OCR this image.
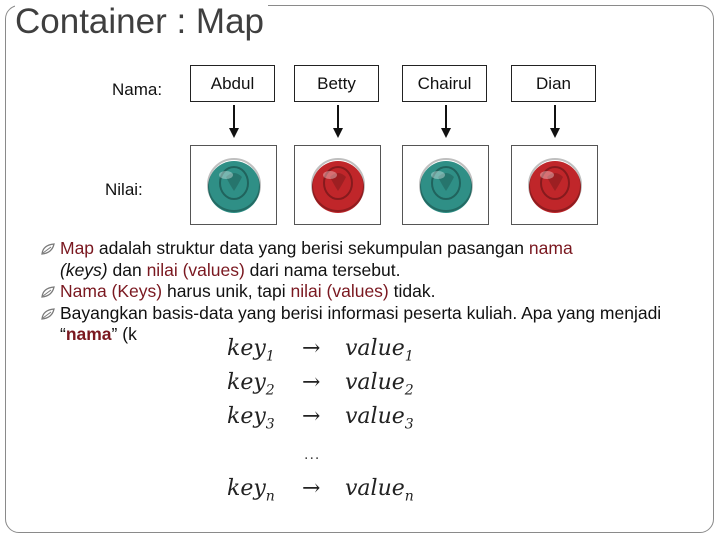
Container : Map
Nama:
Nilai:
Abdul	Betty	Chairul	Dian
Map adalah struktur data yang berisi sekumpulan pasangan nama
(keys) dan nilai (values) dari nama tersebut.
Nama (Keys) harus unik, tapi nilai (values) tidak.
Bayangkan basis-data yang berisi informasi peserta kuliah. Apa yang menjadi “nama” (k
key$_1$ → value$_1$
key$_2$ → value$_2$
key$_3$ → value$_3$
...
key$_n$ → value$_n$
